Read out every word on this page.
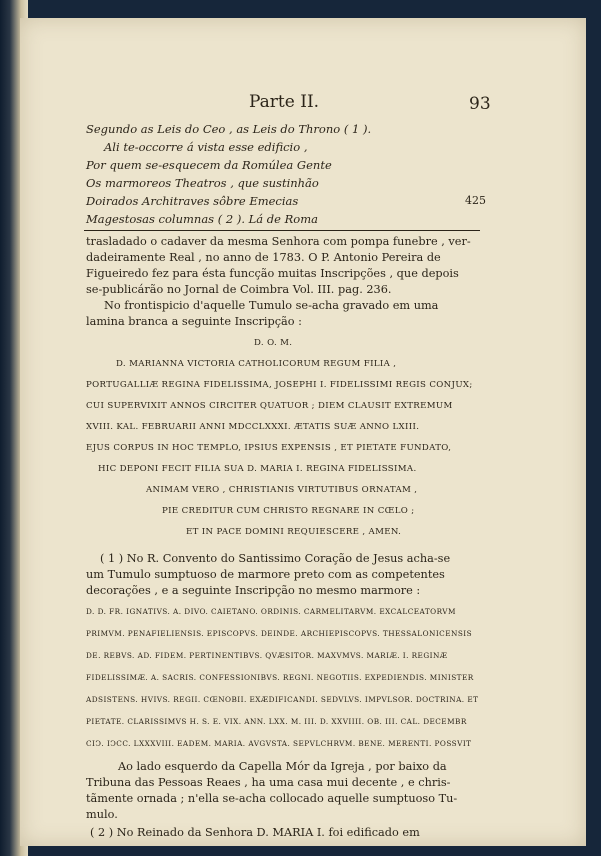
Parte II.	93
Segundo as Leis do Ceo , as Leis do Throno ( 1 ).
Ali te-occorre á vista esse edificio ,
Por quem se-esquecem da Romúlea Gente
Os marmoreos Theatros , que sustinhão
Doirados Architraves sôbre Emecias
Magestosas columnas ( 2 ). Lá de Roma
425
trasladado o cadaver da mesma Senhora com pompa funebre , ver-
dadeiramente Real , no anno de 1783. O P. Antonio Pereira de
Figueiredo fez para ésta funcção muitas Inscripções , que depois
se-publicárão no Jornal de Coimbra Vol. III. pag. 236.
No frontispicio d'aquelle Tumulo se-acha gravado em uma
lamina branca a seguinte Inscripção :
D. O. M.
D. MARIANNA VICTORIA CATHOLICORUM REGUM FILIA ,
PORTUGALLIÆ REGINA FIDELISSIMA, JOSEPHI I. FIDELISSIMI REGIS CONJUX;
CUI SUPERVIXIT ANNOS CIRCITER QUATUOR ; DIEM CLAUSIT EXTREMUM
XVIII. KAL. FEBRUARII ANNI MDCCLXXXI. ÆTATIS SUÆ ANNO LXIII.
EJUS CORPUS IN HOC TEMPLO, IPSIUS EXPENSIS , ET PIETATE FUNDATO,
HIC DEPONI FECIT FILIA SUA D. MARIA I. REGINA FIDELISSIMA.
ANIMAM VERO , CHRISTIANIS VIRTUTIBUS ORNATAM ,
PIE CREDITUR CUM CHRISTO REGNARE IN CŒLO ;
ET IN PACE DOMINI REQUIESCERE , AMEN.
( 1 ) No R. Convento do Santissimo Coração de Jesus acha-se
um Tumulo sumptuoso de marmore preto com as competentes
decorações , e a seguinte Inscripção no mesmo marmore :
D. D. FR. IGNATIVS. A. DIVO. CAIETANO. ORDINIS. CARMELITARVM. EXCALCEATORVM
PRIMVM. PENAFIELIENSIS. EPISCOPVS. DEINDE. ARCHIEPISCOPVS. THESSALONICENSIS
DE. REBVS. AD. FIDEM. PERTINENTIBVS. QVÆSITOR. MAXVMVS. MARIÆ. I. REGINÆ
FIDELISSIMÆ. A. SACRIS. CONFESSIONIBVS. REGNI. NEGOTIIS. EXPEDIENDIS. MINISTER
ADSISTENS. HVIVS. REGII. CŒNOBII. EXÆDIFICANDI. SEDVLVS. IMPVLSOR. DOCTRINA. ET
PIETATE. CLARISSIMVS H. S. E. VIX. ANN. LXX. M. III. D. XXVIIII. OB. III. CAL. DECEMBR
CIↃ. IↃCC. LXXXVIII. EADEM. MARIA. AVGVSTA. SEPVLCHRVM. BENE. MERENTI. POSSVIT
Ao lado esquerdo da Capella Mór da Igreja , por baixo da
Tribuna das Pessoas Reaes , ha uma casa mui decente , e chris-
tãmente ornada ; n'ella se-acha collocado aquelle sumptuoso Tu-
mulo.
( 2 ) No Reinado da Senhora D. MARIA I. foi edificado em
